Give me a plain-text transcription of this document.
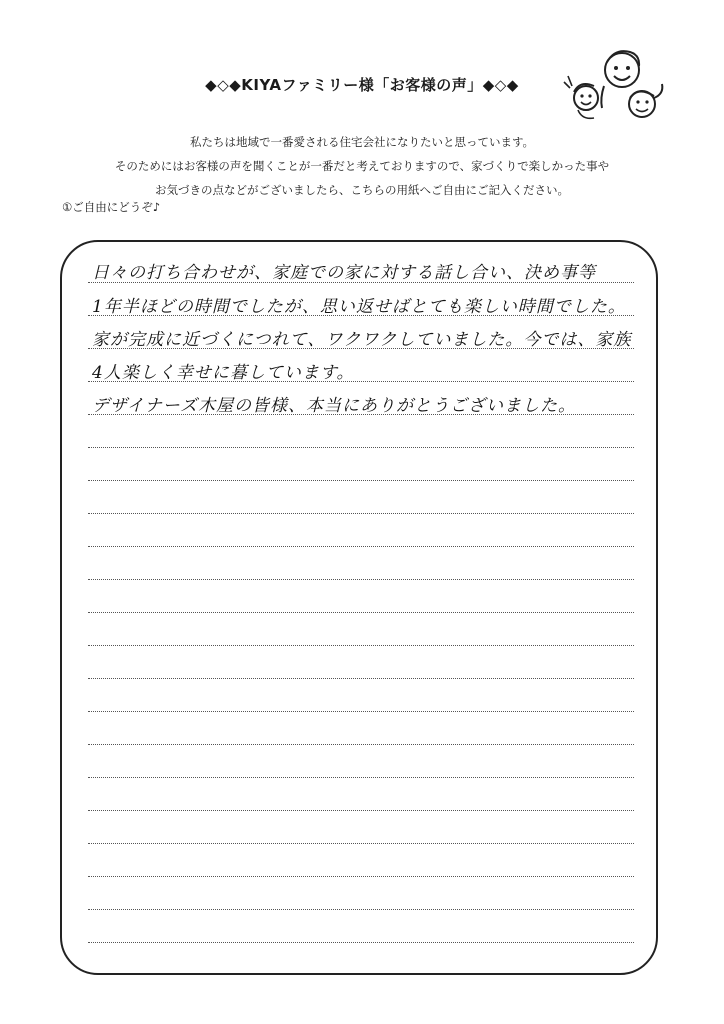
◆◇◆KIYAファミリー様「お客様の声」◆◇◆
私たちは地域で一番愛される住宅会社になりたいと思っています。
そのためにはお客様の声を聞くことが一番だと考えておりますので、家づくりで楽しかった事や
お気づきの点などがございましたら、こちらの用紙へご自由にご記入ください。
①ご自由にどうぞ♪
日々の打ち合わせが、家庭での家に対する話し合い、決め事等
1年半ほどの時間でしたが、思い返せばとても楽しい時間でした。
家が完成に近づくにつれて、ワクワクしていました。今では、家族
4人楽しく幸せに暮しています。
デザイナーズ木屋の皆様、本当にありがとうございました。
